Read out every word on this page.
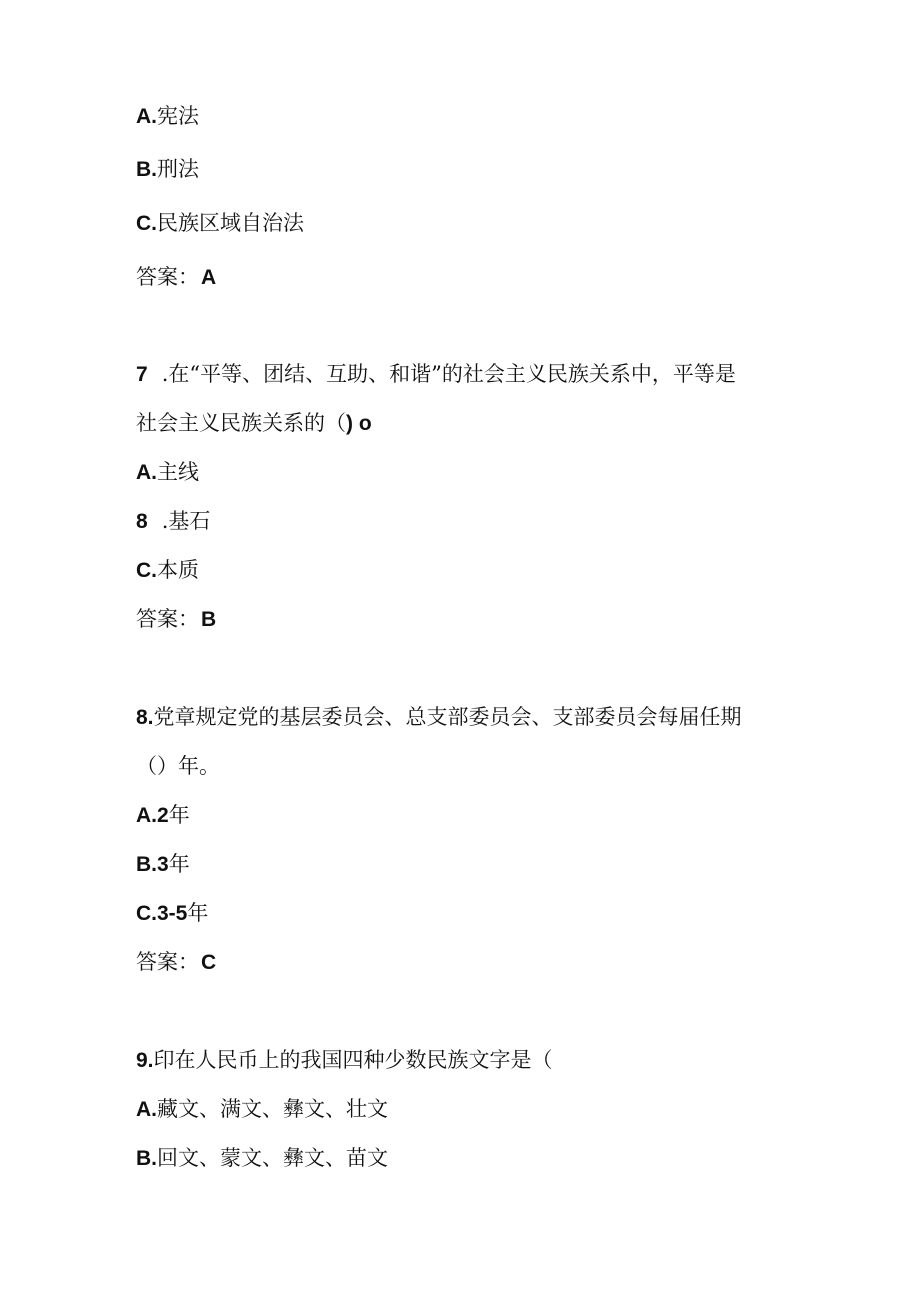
A.宪法
B.刑法
C.民族区域自治法
答案：A
7 .在“平等、团结、互助、和谐”的社会主义民族关系中，平等是
社会主义民族关系的（) o
A.主线
8 .基石
C.本质
答案：B
8.党章规定党的基层委员会、总支部委员会、支部委员会每届任期
（）年。
A.2年
B.3年
C.3-5年
答案：C
9.印在人民币上的我国四种少数民族文字是（
A.藏文、满文、彝文、壮文
B.回文、蒙文、彝文、苗文
